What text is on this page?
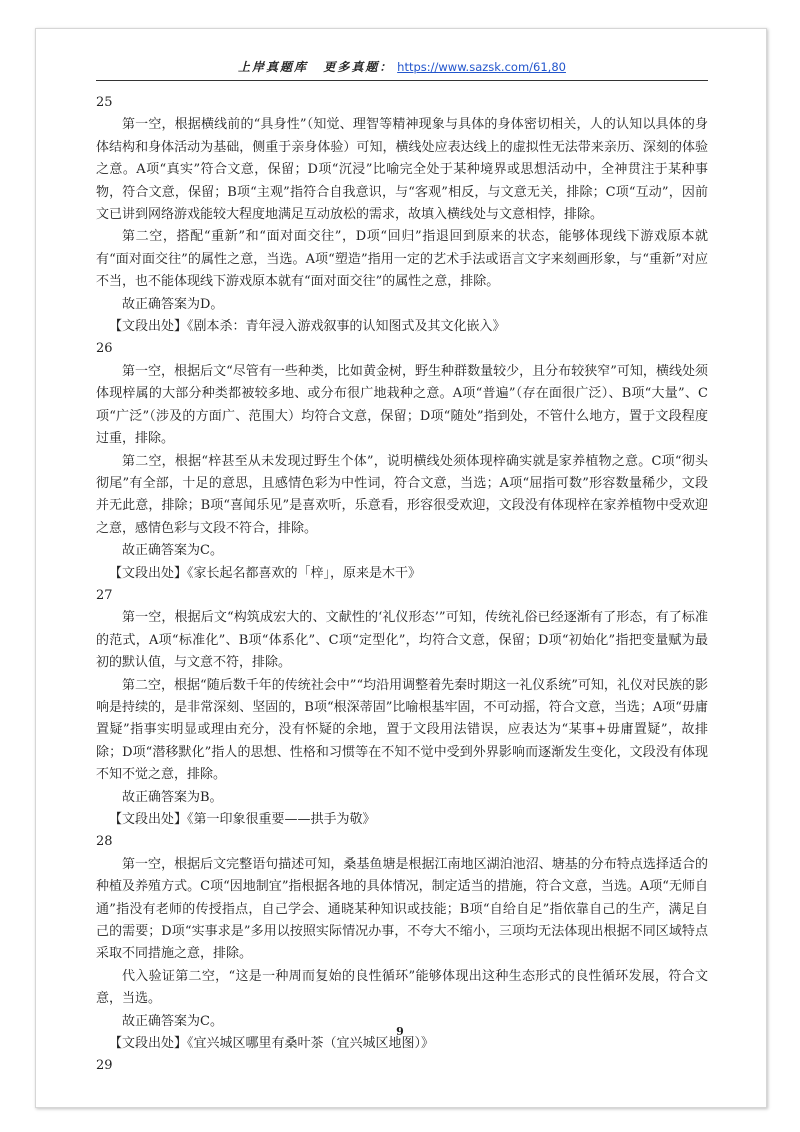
上岸真题库 更多真题： https://www.sazsk.com/61,80

25

第一空，根据横线前的“具身性”（知觉、理智等精神现象与具体的身体密切相关，人的认知以具体的身体结构和身体活动为基础，侧重于亲身体验）可知，横线处应表达线上的虚拟性无法带来亲历、深刻的体验之意。A项“真实”符合文意，保留；D项“沉浸”比喻完全处于某种境界或思想活动中，全神贯注于某种事物，符合文意，保留；B项“主观”指符合自我意识，与“客观”相反，与文意无关，排除；C项“互动”，因前文已讲到网络游戏能较大程度地满足互动放松的需求，故填入横线处与文意相悖，排除。

第二空，搭配“重新”和“面对面交往”，D项“回归”指退回到原来的状态，能够体现线下游戏原本就有“面对面交往”的属性之意，当选。A项“塑造”指用一定的艺术手法或语言文字来刻画形象，与“重新”对应不当，也不能体现线下游戏原本就有“面对面交往”的属性之意，排除。

故正确答案为D。

【文段出处】《剧本杀：青年浸入游戏叙事的认知图式及其文化嵌入》

26

第一空，根据后文“尽管有一些种类，比如黄金树，野生种群数量较少，且分布较狭窄”可知，横线处须体现梓属的大部分种类都被较多地、或分布很广地栽种之意。A项“普遍”（存在面很广泛）、B项“大量”、C项“广泛”（涉及的方面广、范围大）均符合文意，保留；D项“随处”指到处，不管什么地方，置于文段程度过重，排除。

第二空，根据“梓甚至从未发现过野生个体”，说明横线处须体现梓确实就是家养植物之意。C项“彻头彻尾”有全部，十足的意思，且感情色彩为中性词，符合文意，当选；A项“屈指可数”形容数量稀少，文段并无此意，排除；B项“喜闻乐见”是喜欢听，乐意看，形容很受欢迎，文段没有体现梓在家养植物中受欢迎之意，感情色彩与文段不符合，排除。

故正确答案为C。

【文段出处】《家长起名都喜欢的「梓」，原来是木干》

27

第一空，根据后文“构筑成宏大的、文献性的‘礼仪形态’”可知，传统礼俗已经逐渐有了形态，有了标准的范式，A项“标准化”、B项“体系化”、C项“定型化”，均符合文意，保留；D项“初始化”指把变量赋为最初的默认值，与文意不符，排除。

第二空，根据“随后数千年的传统社会中”“均沿用调整着先秦时期这一礼仪系统”可知，礼仪对民族的影响是持续的，是非常深刻、坚固的，B项“根深蒂固”比喻根基牢固，不可动摇，符合文意，当选；A项“毋庸置疑”指事实明显或理由充分，没有怀疑的余地，置于文段用法错误，应表达为“某事+毋庸置疑”，故排除；D项“潜移默化”指人的思想、性格和习惯等在不知不觉中受到外界影响而逐渐发生变化，文段没有体现不知不觉之意，排除。

故正确答案为B。

【文段出处】《第一印象很重要——拱手为敬》

28

第一空，根据后文完整语句描述可知，桑基鱼塘是根据江南地区湖泊池沼、塘基的分布特点选择适合的种植及养殖方式。C项“因地制宜”指根据各地的具体情况，制定适当的措施，符合文意，当选。A项“无师自通”指没有老师的传授指点，自己学会、通晓某种知识或技能；B项“自给自足”指依靠自己的生产，满足自己的需要；D项“实事求是”多用以按照实际情况办事，不夸大不缩小，三项均无法体现出根据不同区域特点采取不同措施之意，排除。

代入验证第二空，“这是一种周而复始的良性循环”能够体现出这种生态形式的良性循环发展，符合文意，当选。

故正确答案为C。

【文段出处】《宜兴城区哪里有桑叶茶（宜兴城区地图）》

29

9
